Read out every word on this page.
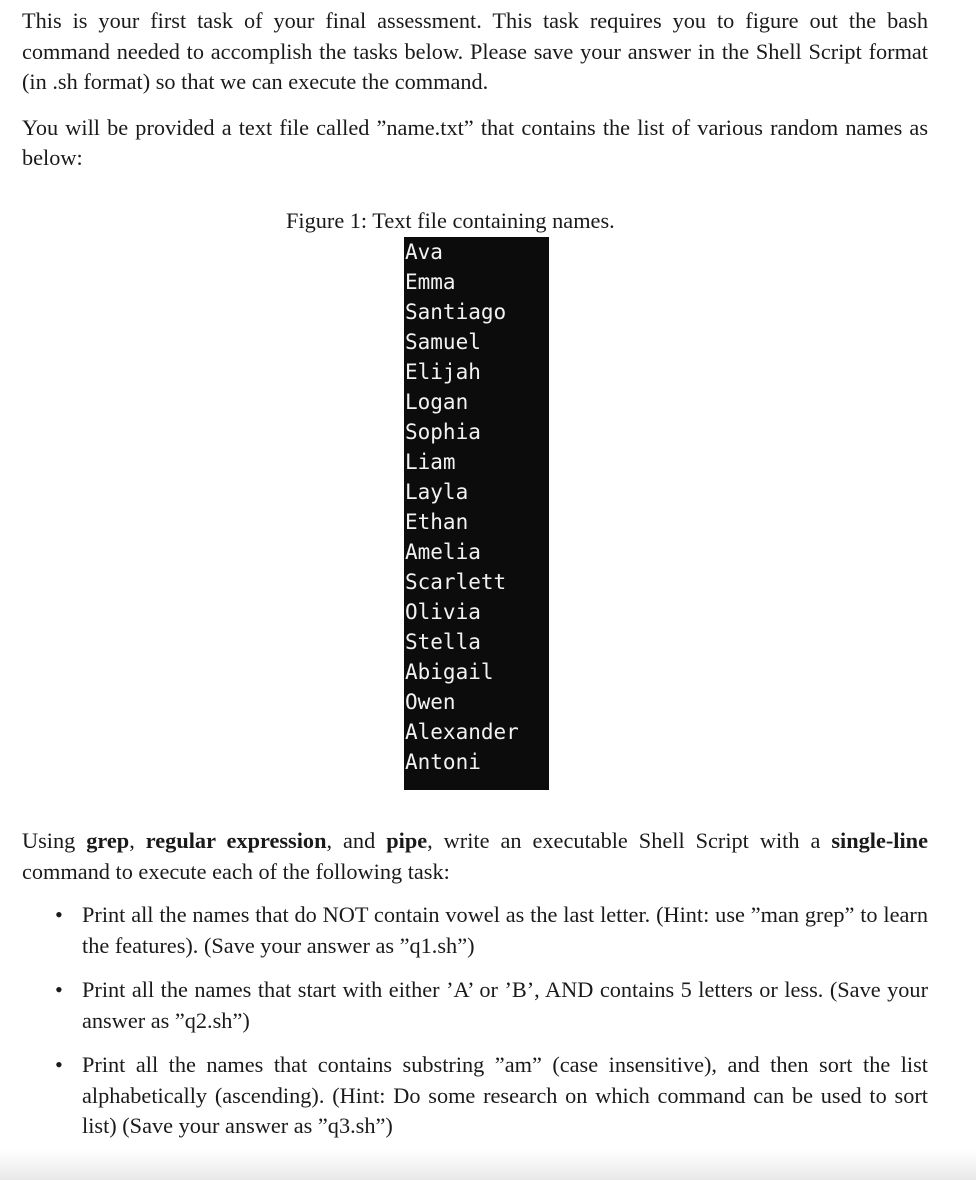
This is your first task of your final assessment. This task requires you to figure out the bash command needed to accomplish the tasks below. Please save your answer in the Shell Script format (in .sh format) so that we can execute the command.

You will be provided a text file called ”name.txt” that contains the list of various random names as below:

Figure 1: Text file containing names.
Ava
Emma
Santiago
Samuel
Elijah
Logan
Sophia
Liam
Layla
Ethan
Amelia
Scarlett
Olivia
Stella
Abigail
Owen
Alexander
Antoni

Using grep, regular expression, and pipe, write an executable Shell Script with a single-line command to execute each of the following task:

• Print all the names that do NOT contain vowel as the last letter. (Hint: use ”man grep” to learn the features). (Save your answer as ”q1.sh”)
• Print all the names that start with either ’A’ or ’B’, AND contains 5 letters or less. (Save your answer as ”q2.sh”)
• Print all the names that contains substring ”am” (case insensitive), and then sort the list alphabetically (ascending). (Hint: Do some research on which command can be used to sort list) (Save your answer as ”q3.sh”)
